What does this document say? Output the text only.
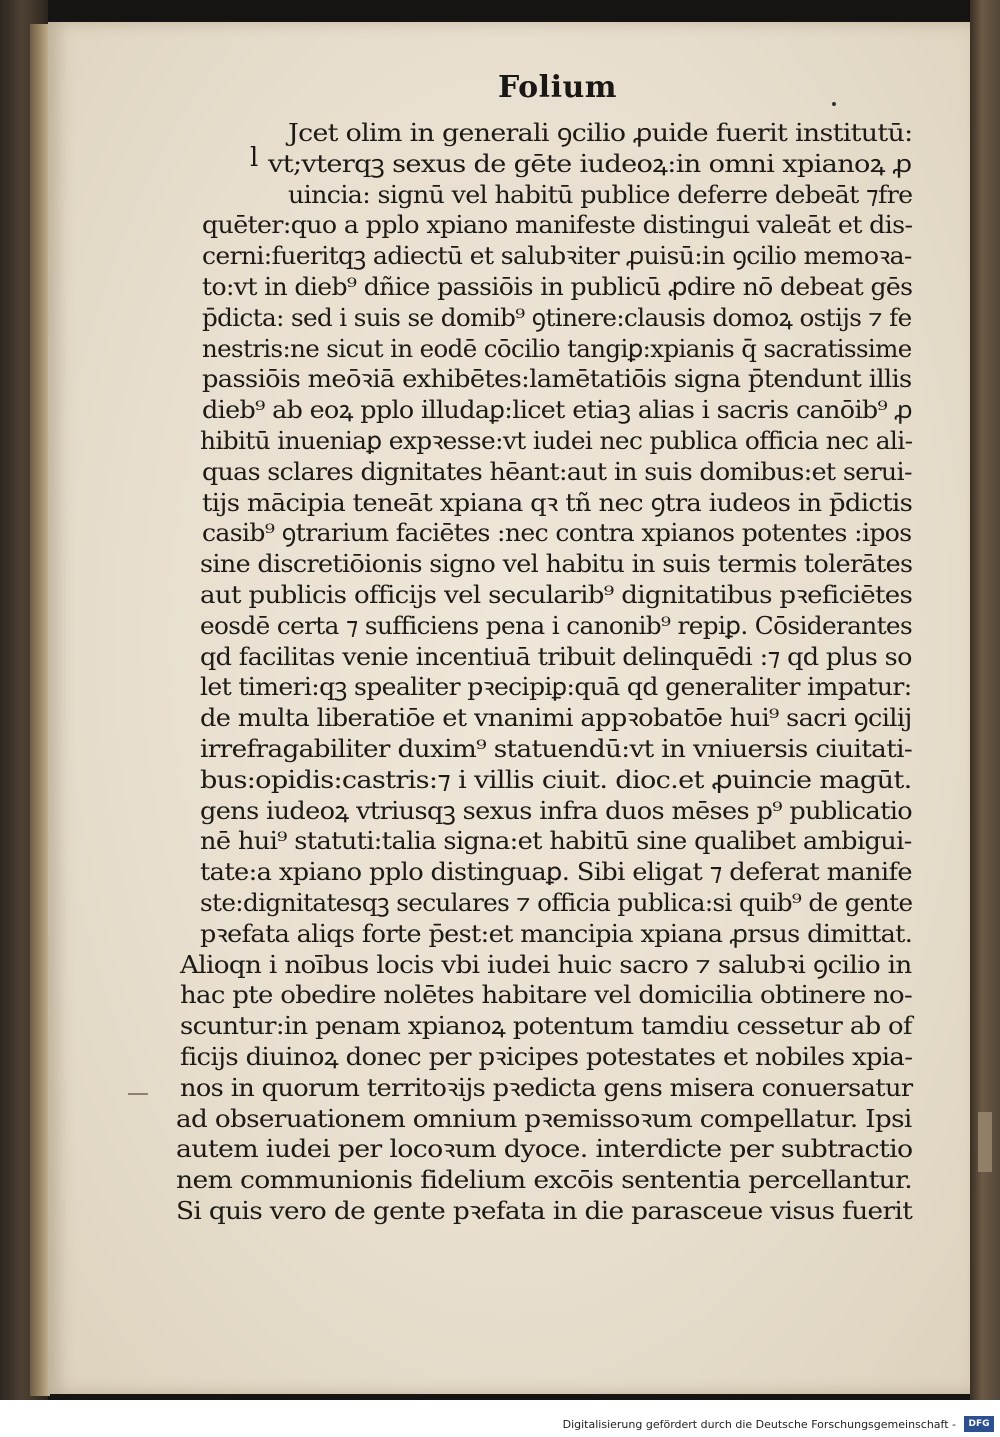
Folium
l
Jcet olim in generali ꝯcilio ꝓuide fuerit institutū:
vt;vterqꝫ sexus de gēte iudeoꝝ:in omni xpianoꝝ ꝓ
uincia: signū vel habitū publice deferre debeāt ⁊fre
quēter:quo a pplo xpiano manifeste distingui valeāt et dis‐
cerni:fueritqꝫ adiectū et salubꝛiter ꝓuisū:in ꝯcilio memoꝛa‐
to:vt in dieb⁹ dñice passiōis in publicū ꝓdire nō debeat gēs
p̄dicta: sed i suis se domib⁹ ꝯtinere:clausis domoꝝ ostijs ⁊ fe
nestris:ne sicut in eodē cōcilio tangiꝑ:xpianis q̄ sacratissime
passiōis meōꝛiā exhibētes:lamētatiōis signa p̄tendunt illis
dieb⁹ ab eoꝝ pplo illudaꝑ:licet etiaꝫ alias i sacris canōib⁹ ꝓ
hibitū inueniaꝑ expꝛesse:vt iudei nec publica officia nec ali‐
quas sclares dignitates hēant:aut in suis domibus:et serui‐
tijs mācipia teneāt xpiana qꝛ tñ nec ꝯtra iudeos in p̄dictis
casib⁹ ꝯtrarium faciētes :nec contra xpianos potentes :ipos
sine discretiōionis signo vel habitu in suis termis tolerātes
aut publicis officijs vel secularib⁹ dignitatibus pꝛeficiētes
eosdē certa ⁊ sufficiens pena i canonib⁹ repiꝑ. Cōsiderantes
qd facilitas venie incentiuā tribuit delinquēdi :⁊ qd plus so
let timeri:qꝫ spealiter pꝛecipiꝑ:quā qd generaliter impatur:
de multa liberatiōe et vnanimi appꝛobatōe hui⁹ sacri ꝯcilij
irrefragabiliter duxim⁹ statuendū:vt in vniuersis ciuitati‐
bus:opidis:castris:⁊ i villis ciuit. dioc.et ꝓuincie magūt.
gens iudeoꝝ vtriusqꝫ sexus infra duos mēses p⁹ publicatio
nē hui⁹ statuti:talia signa:et habitū sine qualibet ambigui‐
tate:a xpiano pplo distinguaꝑ. Sibi eligat ⁊ deferat manife
ste:dignitatesqꝫ seculares ⁊ officia publica:si quib⁹ de gente
pꝛefata aliqs forte p̄est:et mancipia xpiana ꝓrsus dimittat.
Alioqn i noībus locis vbi iudei huic sacro ⁊ salubꝛi ꝯcilio in
hac pte obedire nolētes habitare vel domicilia obtinere no‐
scuntur:in penam xpianoꝝ potentum tamdiu cessetur ab of
ficijs diuinoꝝ donec per pꝛicipes potestates et nobiles xpia‐
nos in quorum territoꝛijs pꝛedicta gens misera conuersatur
ad obseruationem omnium pꝛemissoꝛum compellatur. Ipsi
autem iudei per locoꝛum dyoce. interdicte per subtractio
nem communionis fidelium excōis sententia percellantur.
Si quis vero de gente pꝛefata in die parasceue visus fuerit
Digitalisierung gefördert durch die Deutsche Forschungsgemeinschaft -	DFG
